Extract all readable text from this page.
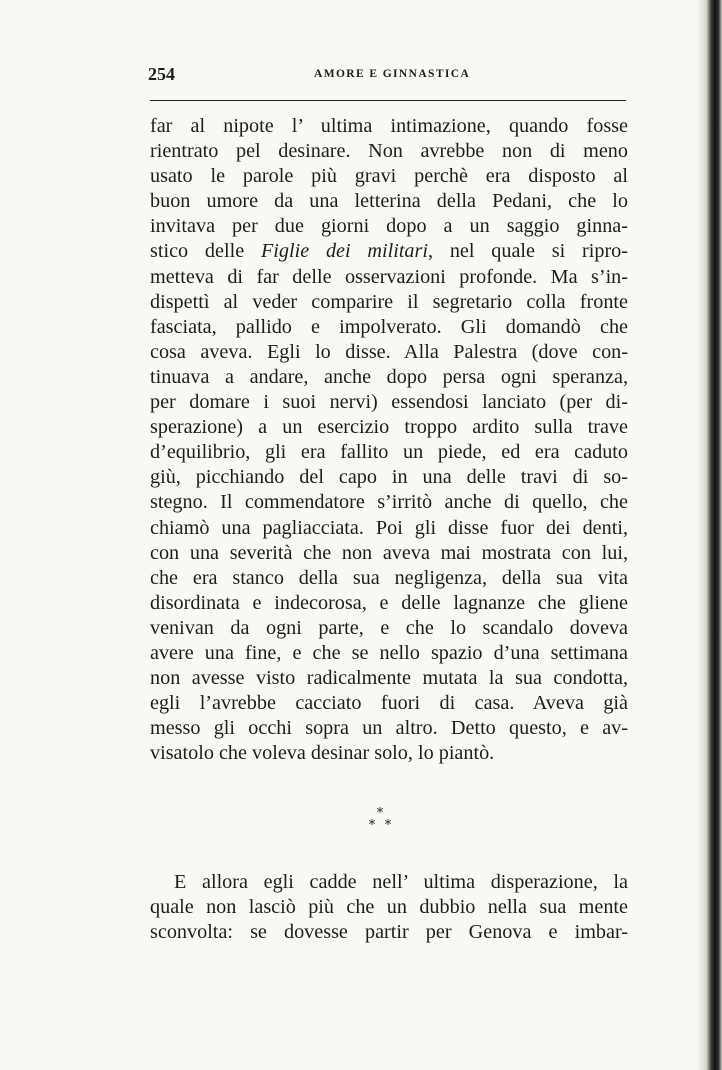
254	AMORE E GINNASTICA
far al nipote l’ ultima intimazione, quando fosse
rientrato pel desinare. Non avrebbe non di meno
usato le parole più gravi perchè era disposto al
buon umore da una letterina della Pedani, che lo
invitava per due giorni dopo a un saggio ginna-
stico delle Figlie dei militari, nel quale si ripro-
metteva di far delle osservazioni profonde. Ma s’in-
dispettì al veder comparire il segretario colla fronte
fasciata, pallido e impolverato. Gli domandò che
cosa aveva. Egli lo disse. Alla Palestra (dove con-
tinuava a andare, anche dopo persa ogni speranza,
per domare i suoi nervi) essendosi lanciato (per di-
sperazione) a un esercizio troppo ardito sulla trave
d’equilibrio, gli era fallito un piede, ed era caduto
giù, picchiando del capo in una delle travi di so-
stegno. Il commendatore s’irritò anche di quello, che
chiamò una pagliacciata. Poi gli disse fuor dei denti,
con una severità che non aveva mai mostrata con lui,
che era stanco della sua negligenza, della sua vita
disordinata e indecorosa, e delle lagnanze che gliene
venivan da ogni parte, e che lo scandalo doveva
avere una fine, e che se nello spazio d’una settimana
non avesse visto radicalmente mutata la sua condotta,
egli l’avrebbe cacciato fuori di casa. Aveva già
messo gli occhi sopra un altro. Detto questo, e av-
visatolo che voleva desinar solo, lo piantò.
*
* *
E allora egli cadde nell’ ultima disperazione, la
quale non lasciò più che un dubbio nella sua mente
sconvolta: se dovesse partir per Genova e imbar-
